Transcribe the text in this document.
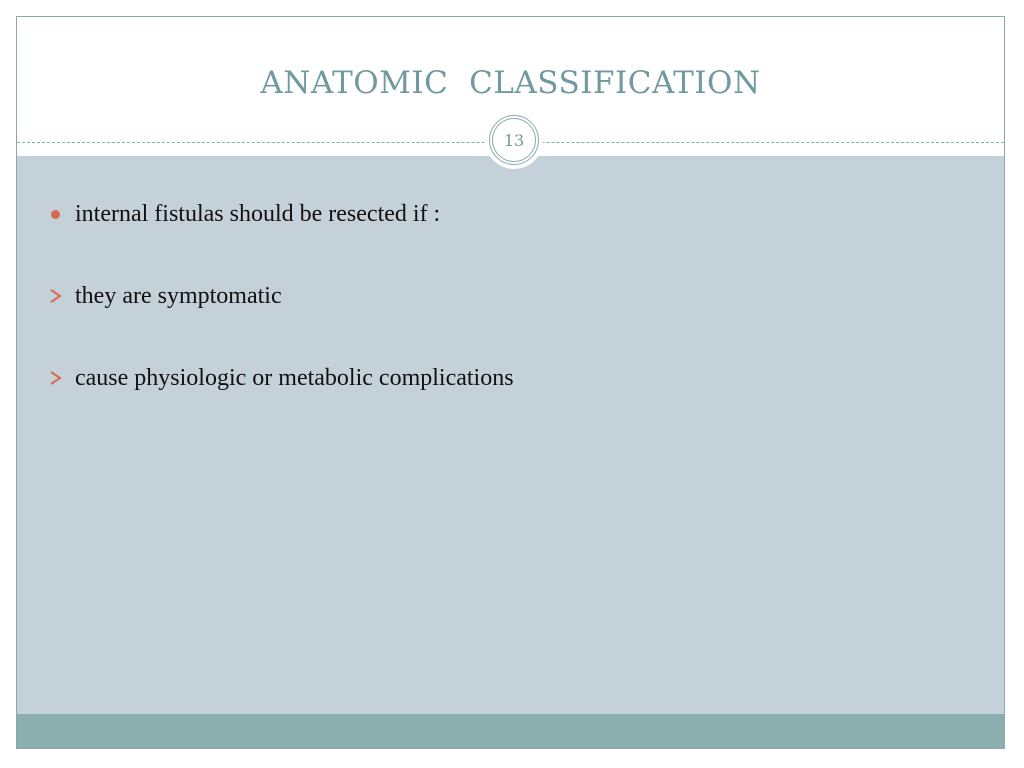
ANATOMIC  CLASSIFICATION
internal fistulas should be resected if :
they are symptomatic
cause physiologic or metabolic complications
13
